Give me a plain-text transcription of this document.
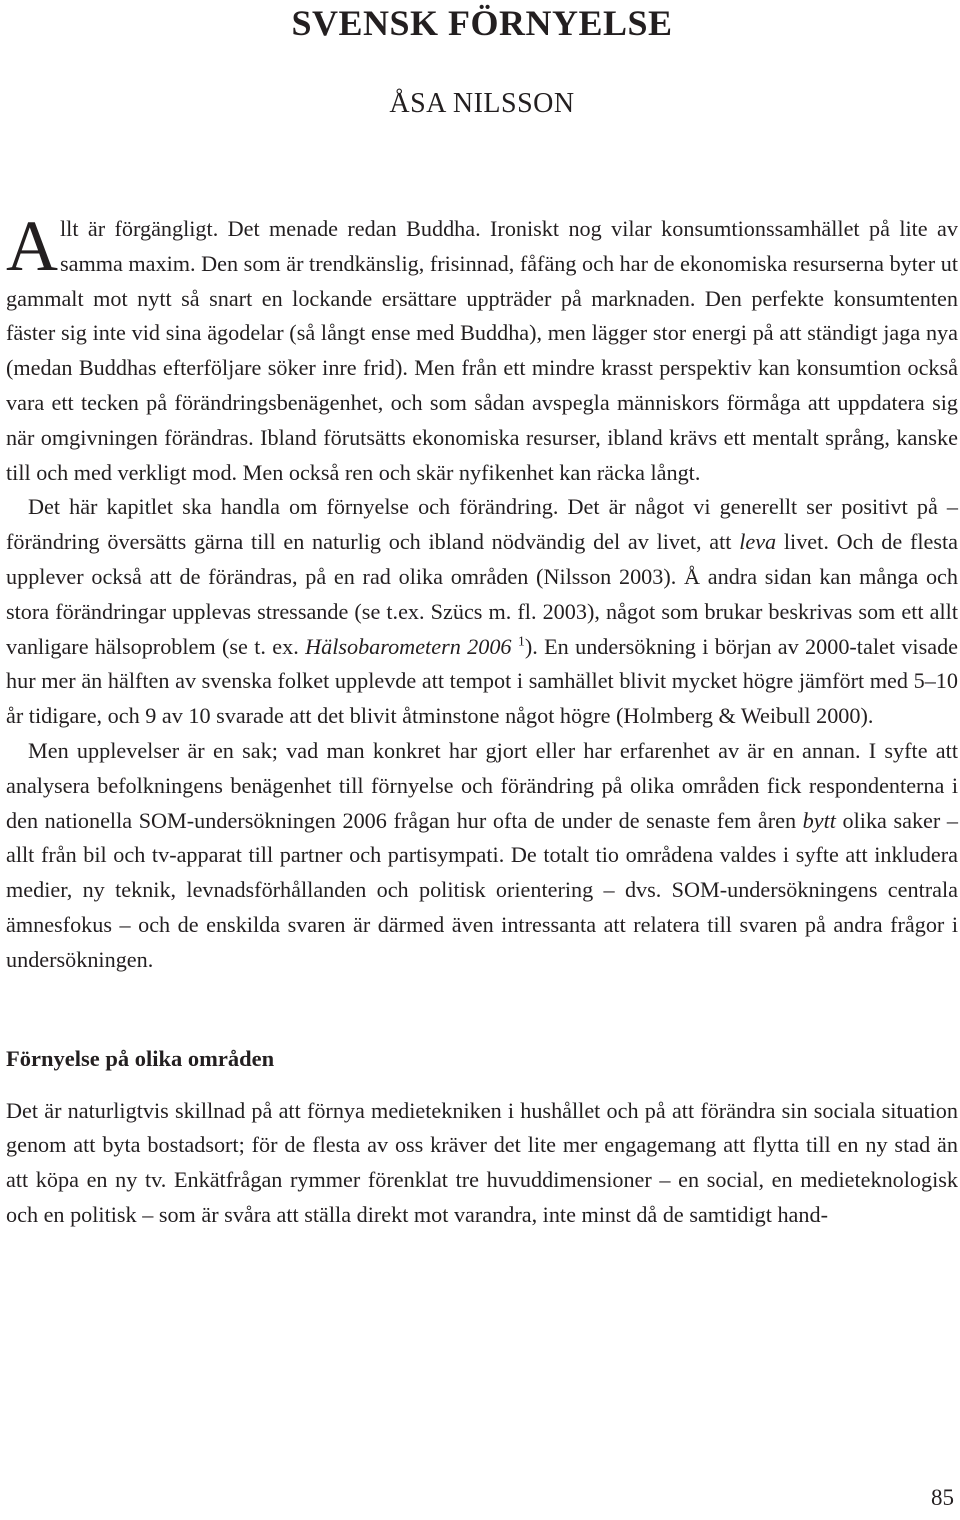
SVENSK FÖRNYELSE
ÅSA NILSSON

Allt är förgängligt. Det menade redan Buddha. Ironiskt nog vilar konsumtionssamhället på lite av samma maxim. Den som är trendkänslig, frisinnad, fåfäng och har de ekonomiska resurserna byter ut gammalt mot nytt så snart en lockande ersättare uppträder på marknaden. Den perfekte konsumtenten fäster sig inte vid sina ägodelar (så långt ense med Buddha), men lägger stor energi på att ständigt jaga nya (medan Buddhas efterföljare söker inre frid). Men från ett mindre krasst perspektiv kan konsumtion också vara ett tecken på förändringsbenägenhet, och som sådan avspegla människors förmåga att uppdatera sig när omgivningen förändras. Ibland förutsätts ekonomiska resurser, ibland krävs ett mentalt språng, kanske till och med verkligt mod. Men också ren och skär nyfikenhet kan räcka långt.

Det här kapitlet ska handla om förnyelse och förändring. Det är något vi generellt ser positivt på – förändring översätts gärna till en naturlig och ibland nödvändig del av livet, att leva livet. Och de flesta upplever också att de förändras, på en rad olika områden (Nilsson 2003). Å andra sidan kan många och stora förändringar upplevas stressande (se t.ex. Szücs m. fl. 2003), något som brukar beskrivas som ett allt vanligare hälsoproblem (se t. ex. Hälsobarometern 2006 $^1$). En undersökning i början av 2000-talet visade hur mer än hälften av svenska folket upplevde att tempot i samhället blivit mycket högre jämfört med 5–10 år tidigare, och 9 av 10 svarade att det blivit åtminstone något högre (Holmberg & Weibull 2000).

Men upplevelser är en sak; vad man konkret har gjort eller har erfarenhet av är en annan. I syfte att analysera befolkningens benägenhet till förnyelse och förändring på olika områden fick respondenterna i den nationella SOM-undersökningen 2006 frågan hur ofta de under de senaste fem åren bytt olika saker – allt från bil och tv-apparat till partner och partisympati. De totalt tio områdena valdes i syfte att inkludera medier, ny teknik, levnadsförhållanden och politisk orientering – dvs. SOM-undersökningens centrala ämnesfokus – och de enskilda svaren är därmed även intressanta att relatera till svaren på andra frågor i undersökningen.

Förnyelse på olika områden

Det är naturligtvis skillnad på att förnya medietekniken i hushållet och på att förändra sin sociala situation genom att byta bostadsort; för de flesta av oss kräver det lite mer engagemang att flytta till en ny stad än att köpa en ny tv. Enkätfrågan rymmer förenklat tre huvuddimensioner – en social, en medieteknologisk och en politisk – som är svåra att ställa direkt mot varandra, inte minst då de samtidigt hand-

85
